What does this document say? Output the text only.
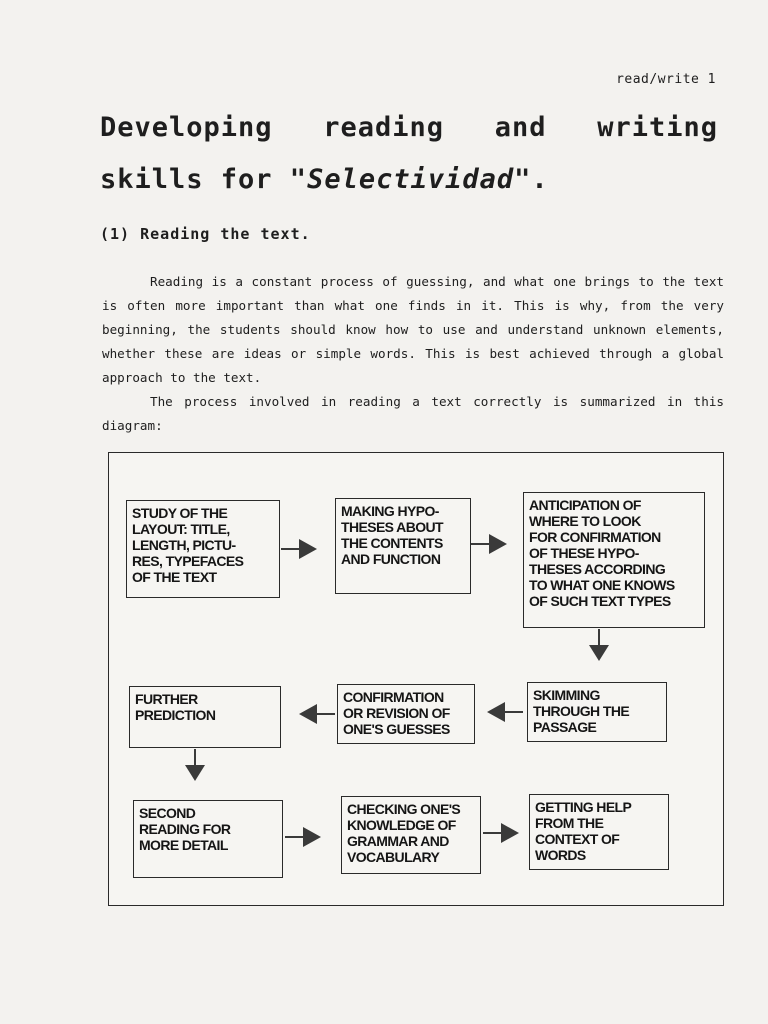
read/write 1
Developing reading and writing
skills for "Selectividad".
(1) Reading the text.

Reading is a constant process of guessing, and what one brings to the text is often more important than what one finds in it. This is why, from the very beginning, the students should know how to use and understand unknown elements, whether these are ideas or simple words. This is best achieved through a global approach to the text.

The process involved in reading a text correctly is summarized in this diagram:

STUDY OF THE
LAYOUT: TITLE,
LENGTH, PICTU-
RES, TYPEFACES
OF THE TEXT
MAKING HYPO-
THESES ABOUT
THE CONTENTS
AND FUNCTION
ANTICIPATION OF
WHERE TO LOOK
FOR CONFIRMATION
OF THESE HYPO-
THESES ACCORDING
TO WHAT ONE KNOWS
OF SUCH TEXT TYPES
FURTHER
PREDICTION
CONFIRMATION
OR REVISION OF
ONE'S GUESSES
SKIMMING
THROUGH THE
PASSAGE
SECOND
READING FOR
MORE DETAIL
CHECKING ONE'S
KNOWLEDGE OF
GRAMMAR AND
VOCABULARY
GETTING HELP
FROM THE
CONTEXT OF
WORDS
